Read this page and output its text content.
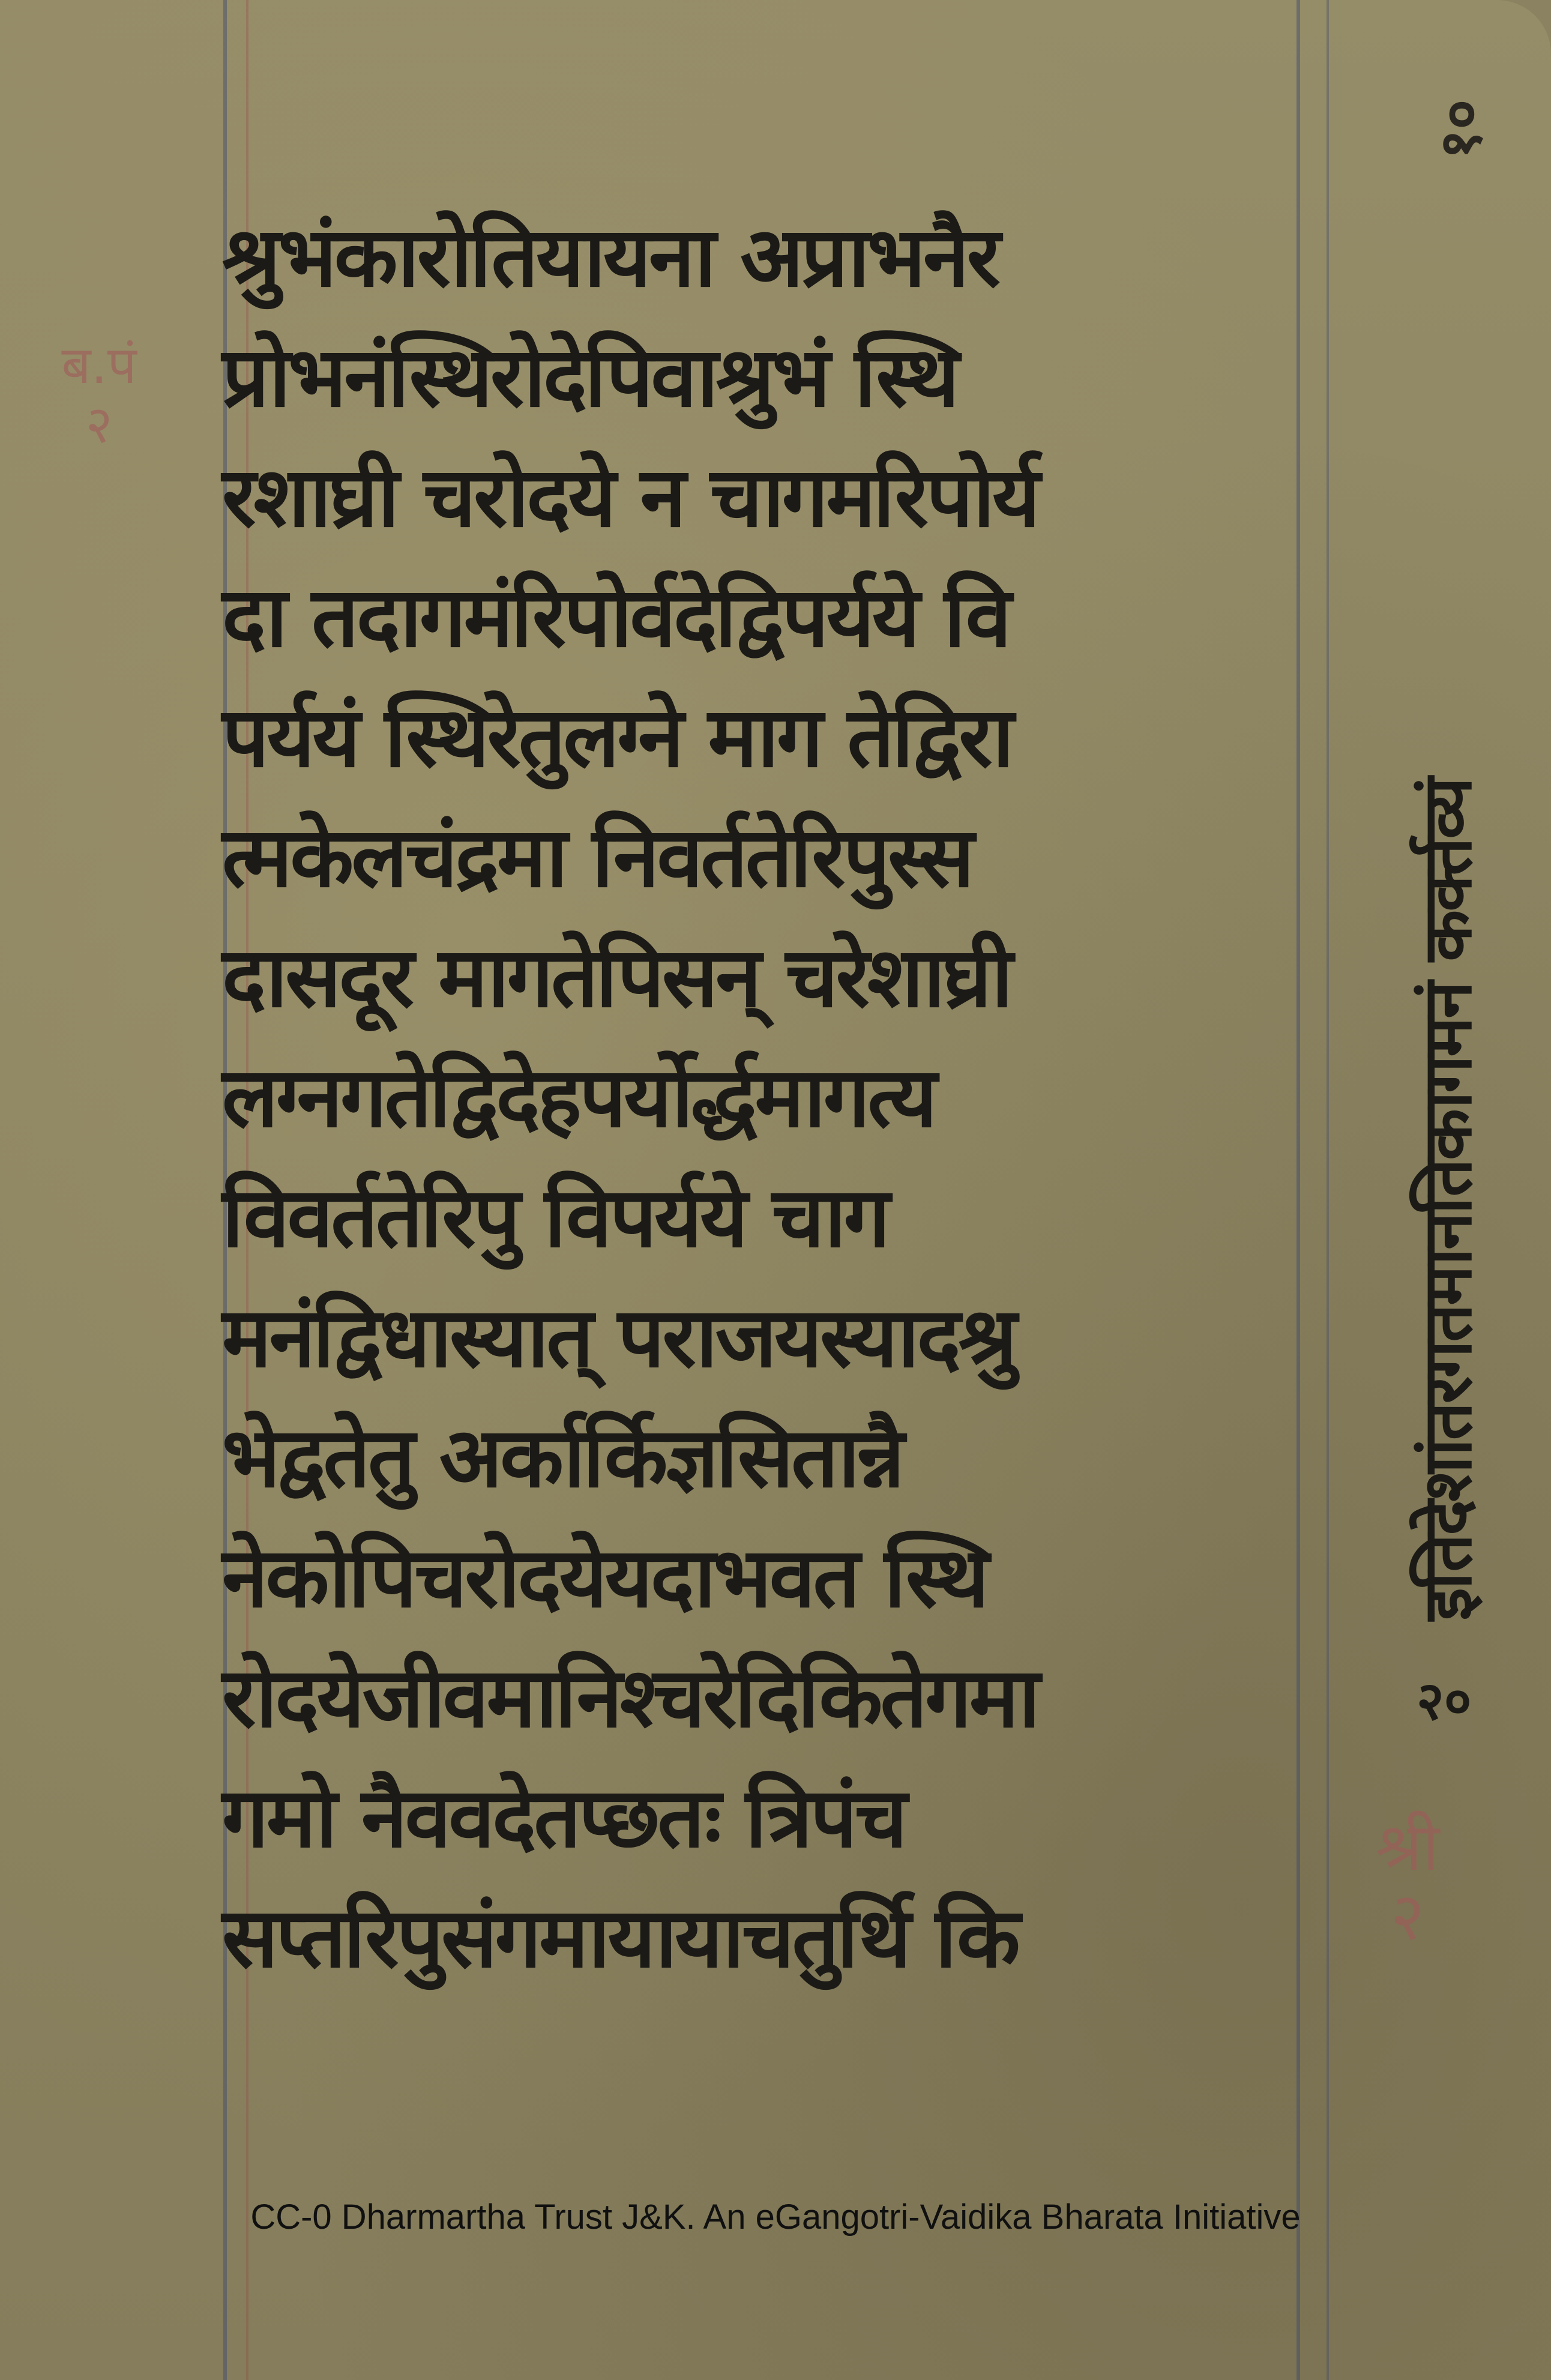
ब.पं
२
श्रुभंकारोतियायना अप्राभनैर
प्रोभनंस्थिरोदेपिवाश्रुभं स्थि
रशाघ्री चरोदये न चागमरिपोर्य
दा तदागमंरिपोर्वदेद्विपर्यये वि
पर्ययं स्थिरेतुलग्ने माग तेद्विरा
त्मकेलचंद्रमा निवर्ततेरिपुस्स
दासदूर मागतेपिसन् चरेशाघ्री
लग्नगतेद्विदेहपर्योर्द्धमागत्य
विवर्ततेरिपु विपर्यये चाग
मनंद्विधास्यात् पराजयस्यादश्रु
भेद्वतेतु अर्कार्किज्ञसितान्नै
नेकोपिचरोदयेयदाभवत स्थि
रोदयेजीवमानिश्चरेदिकितेगमा
गमो नैववदेतप्छतः त्रिपंच
सप्तरिपुसंगमायायाचतुर्थि कि
१०
इतिदेशांतरगतमानतिकागमनं कर्क्तव्यं
२०
श्री
२
CC-0 Dharmartha Trust J&K. An eGangotri-Vaidika Bharata Initiative
